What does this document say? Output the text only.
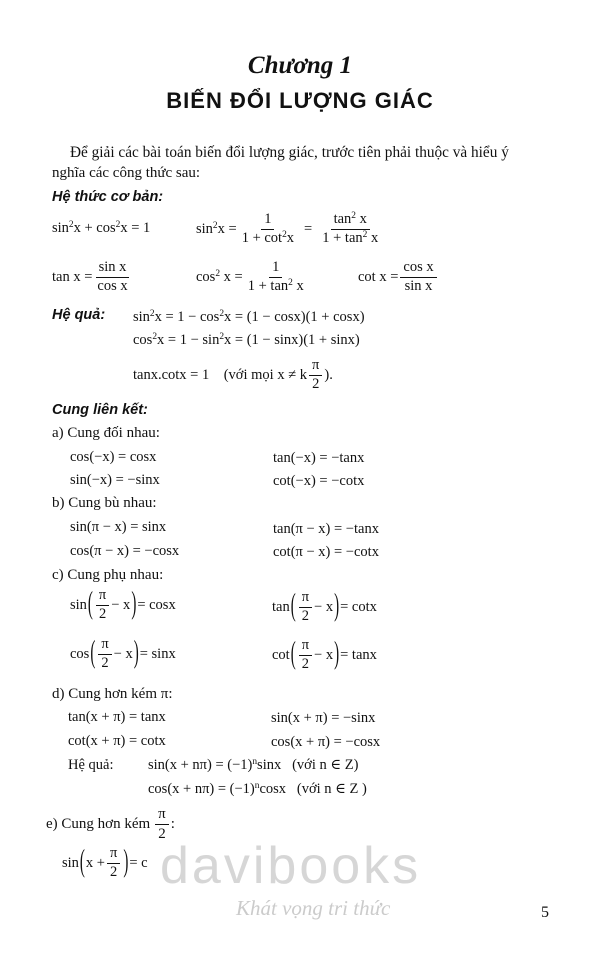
Chương 1
BIẾN ĐỔI LƯỢNG GIÁC
Để giải các bài toán biến đổi lượng giác, trước tiên phải thuộc và hiểu ý
nghĩa các công thức sau:
Hệ thức cơ bản:
$\sin^2x + \cos^2x = 1$	$\sin^2x = \frac{1}{1 + \cot^2x} = \frac{\tan^2 x}{1 + \tan^2 x}$
$\tan x = \frac{\text{sin x}}{\text{cos x}}$	$\cos^2 x = \frac{1}{1 + \tan^2 x}$	$\cot x = \frac{\text{cos x}}{\text{sin x}}$
Hệ quả: $\sin^2x = 1 - \cos^2x = (1 - \cos x)(1 + \cos x)$
$\cos^2x = 1 - \sin^2x = (1 - \sin x)(1 + \sin x)$
tanx.cotx = 1    (với mọi x ≠ k $\frac{\pi}{2}$ ).
Cung liên kết:
a) Cung đối nhau:
cos(−x) = cosx	tan(−x) = −tanx
sin(−x) = −sinx	cot(−x) = −cotx
b) Cung bù nhau:
sin(π − x) = sinx	tan(π − x) = −tanx
cos(π − x) = −cosx	cot(π − x) = −cotx
c) Cung phụ nhau:
sin ( $\frac{\pi}{2} - x$ ) = cosx	tan ( $\frac{\pi}{2} - x$ ) = cotx
cos ( $\frac{\pi}{2} - x$ ) = sinx	cot ( $\frac{\pi}{2} - x$ ) = tanx
d) Cung hơn kém π:
tan(x + π) = tanx	sin(x + π) = −sinx
cot(x + π) = cotx	cos(x + π) = −cosx
Hệ quả: $\sin(x + n\pi) = (-1)^n\sin x$   (với n ∈ Z)
$\cos(x + n\pi) = (-1)^n\cos x$   (với n ∈ Z )
e) Cung hơn kém $\frac{\pi}{2}$ :
sin ( $x + \frac{\pi}{2}$ ) = c davibooks
Khát vọng tri thức	5
